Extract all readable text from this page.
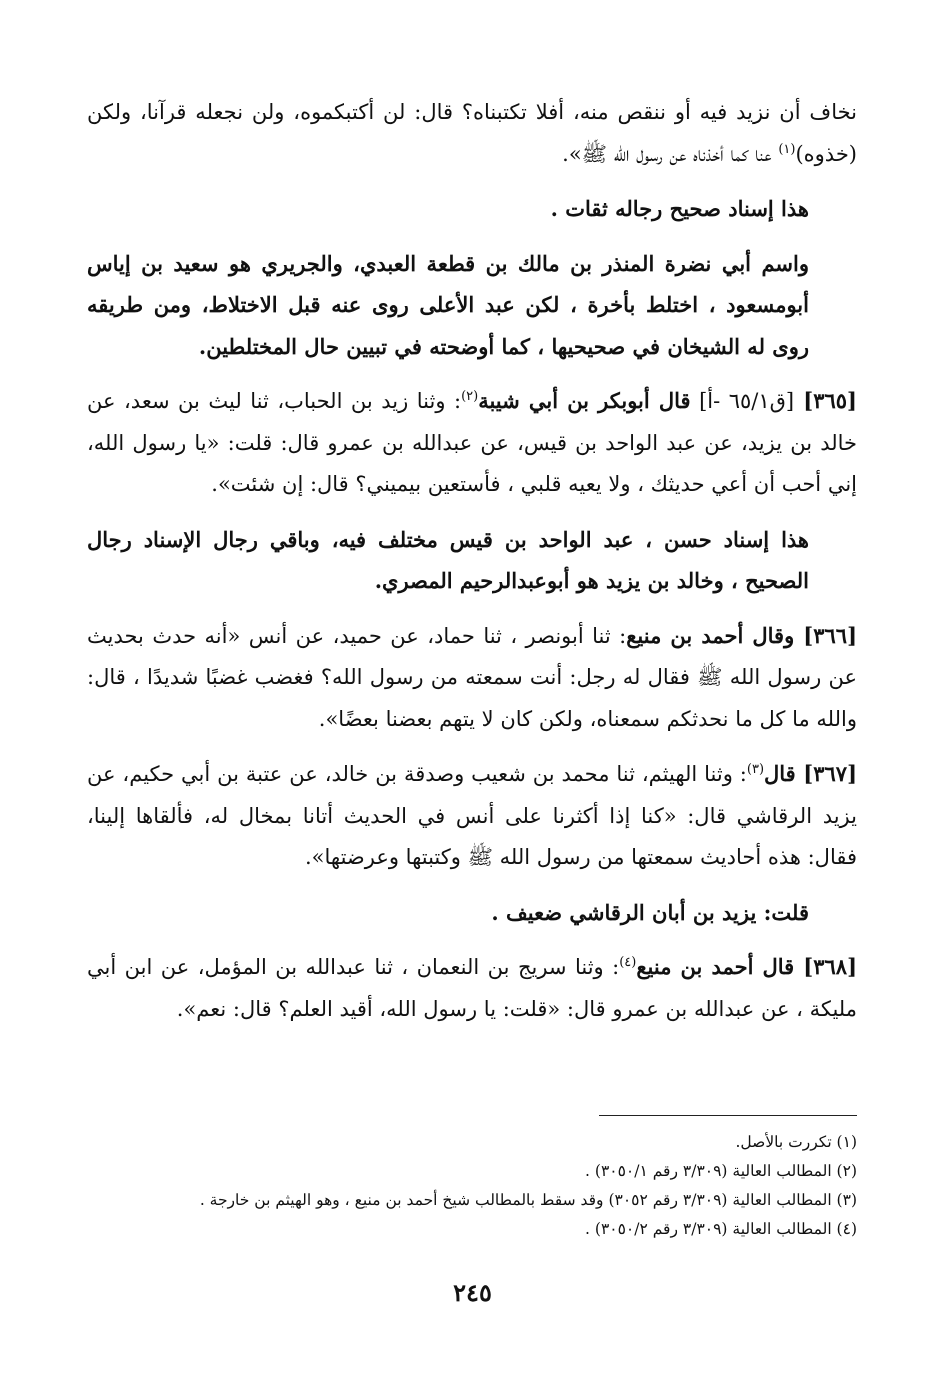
نخاف أن نزيد فيه أو ننقص منه، أفلا تكتبناه؟ قال: لن أكتبكموه، ولن نجعله قرآنا، ولكن (خذوه)$^{(١)}$ عنا كما أخذناه عن رسول الله ﷺ».

هذا إسناد صحيح رجاله ثقات .

واسم أبي نضرة المنذر بن مالك بن قطعة العبدي، والجريري هو سعيد بن إياس أبومسعود ، اختلط بأخرة ، لكن عبد الأعلى روى عنه قبل الاختلاط، ومن طريقه روى له الشيخان في صحيحيها ، كما أوضحته في تبيين حال المختلطين.

[٣٦٥] [ق٦٥/١ -أ] قال أبوبكر بن أبي شيبة$^{(٢)}$: وثنا زيد بن الحباب، ثنا ليث بن سعد، عن خالد بن يزيد، عن عبد الواحد بن قيس، عن عبدالله بن عمرو قال: قلت: «يا رسول الله، إني أحب أن أعي حديثك ، ولا يعيه قلبي ، فأستعين بيميني؟ قال: إن شئت».

هذا إسناد حسن ، عبد الواحد بن قيس مختلف فيه، وباقي رجال الإسناد رجال الصحيح ، وخالد بن يزيد هو أبوعبدالرحيم المصري.

[٣٦٦] وقال أحمد بن منيع: ثنا أبونصر ، ثنا حماد، عن حميد، عن أنس «أنه حدث بحديث عن رسول الله ﷺ فقال له رجل: أنت سمعته من رسول الله؟ فغضب غضبًا شديدًا ، قال: والله ما كل ما نحدثكم سمعناه، ولكن كان لا يتهم بعضنا بعضًا».

[٣٦٧] قال$^{(٣)}$: وثنا الهيثم، ثنا محمد بن شعيب وصدقة بن خالد، عن عتبة بن أبي حكيم، عن يزيد الرقاشي قال: «كنا إذا أكثرنا على أنس في الحديث أتانا بمخال له، فألقاها إلينا، فقال: هذه أحاديث سمعتها من رسول الله ﷺ وكتبتها وعرضتها».

قلت: يزيد بن أبان الرقاشي ضعيف .

[٣٦٨] قال أحمد بن منيع$^{(٤)}$: وثنا سريج بن النعمان ، ثنا عبدالله بن المؤمل، عن ابن أبي مليكة ، عن عبدالله بن عمرو قال: «قلت: يا رسول الله، أقيد العلم؟ قال: نعم».

(١) تكررت بالأصل.

(٢) المطالب العالية (٣/٣٠٩ رقم ٣٠٥٠/١) .

(٣) المطالب العالية (٣/٣٠٩ رقم ٣٠٥٢) وقد سقط بالمطالب شيخ أحمد بن منيع ، وهو الهيثم بن خارجة .

(٤) المطالب العالية (٣/٣٠٩ رقم ٣٠٥٠/٢) .

٢٤٥
